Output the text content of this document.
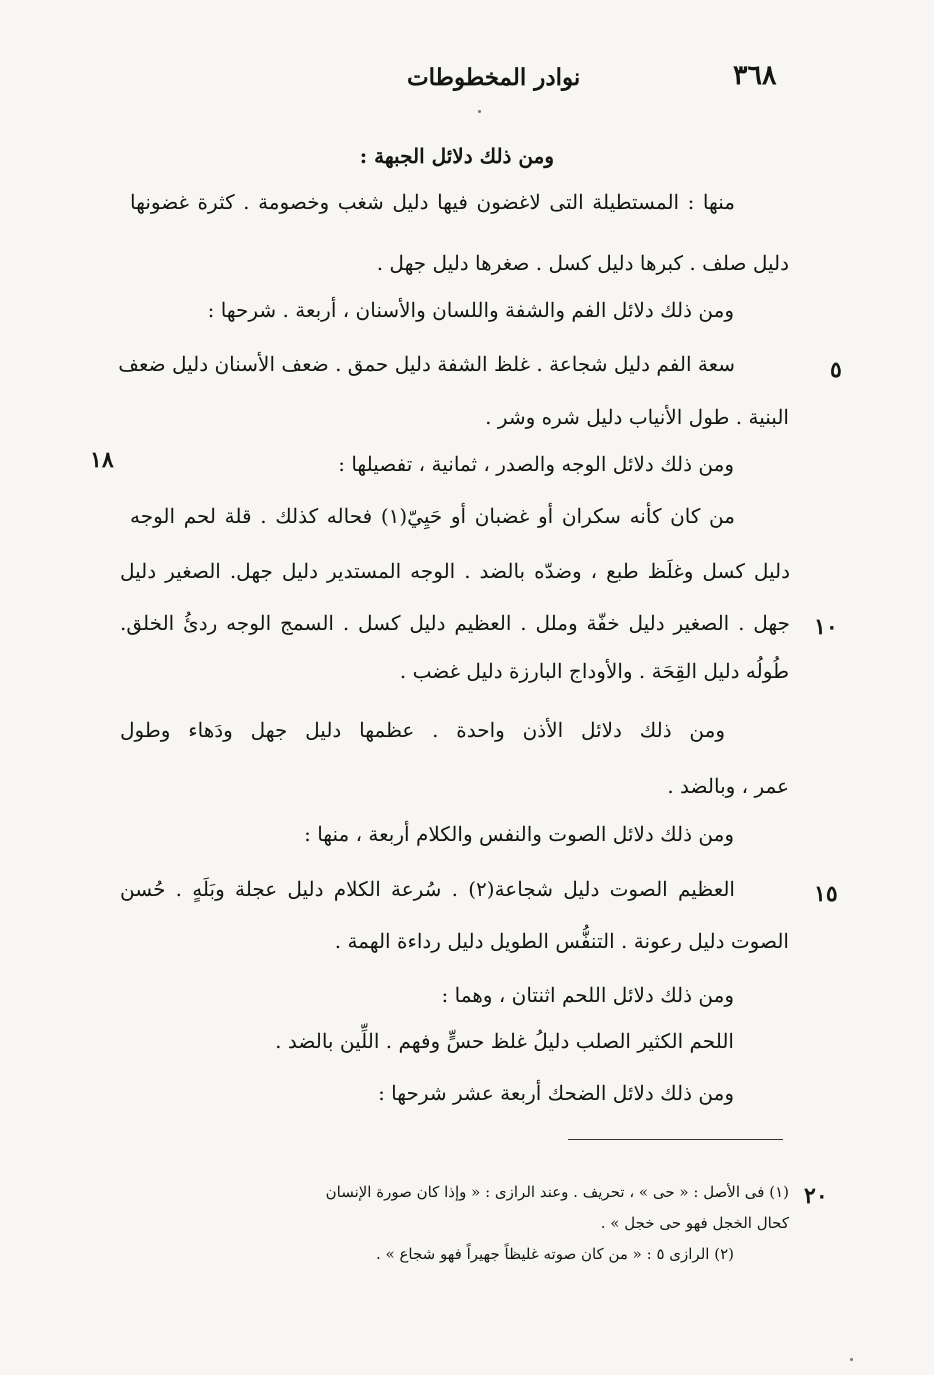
٣٦٨
نوادر المخطوطات
ومن ذلك دلائل الجبهة :
منها : المستطيلة التى لاغضون فيها دليل شغب وخصومة . كثرة غضونها
دليل صلف . كبرها دليل كسل . صغرها دليل جهل .
ومن ذلك دلائل الفم والشفة واللسان والأسنان ، أربعة . شرحها :
سعة الفم دليل شجاعة . غلظ الشفة دليل حمق . ضعف الأسنان دليل ضعف
البنية . طول الأنياب دليل شره وشر .
ومن ذلك دلائل الوجه والصدر ، ثمانية ، تفصيلها :
من كان كأنه سكران أو غضبان أو حَيِيّ(١) فحاله كذلك . قلة لحم الوجه
دليل كسل وغلَظ طبع ، وضدّه بالضد . الوجه المستدير دليل جهل. الصغير دليل
جهل . الصغير دليل خفّة وملل . العظيم دليل كسل . السمج الوجه ردئُ الخلق.
طُولُه دليل القِحَة . والأوداج البارزة دليل غضب .
ومن ذلك دلائل الأذن واحدة . عظمها دليل جهل ودَهاء وطول
عمر ، وبالضد .
ومن ذلك دلائل الصوت والنفس والكلام أربعة ، منها :
العظيم الصوت دليل شجاعة(٢) . سُرعة الكلام دليل عجلة وبَلَهٍ . حُسن
الصوت دليل رعونة . التنفُّس الطويل دليل رداءة الهمة .
ومن ذلك دلائل اللحم اثنتان ، وهما :
اللحم الكثير الصلب دليلُ غلظ حسٍّ وفهم . اللِّين بالضد .
ومن ذلك دلائل الضحك أربعة عشر شرحها :
٥
١٠
١٥
٢٠
١٨
(١) فى الأصل : « حى » ، تحريف . وعند الرازى : « وإذا كان صورة الإنسان
كحال الخجل فهو حى خجل » .
(٢) الرازى ٥ : « من كان صوته غليظاً جهيراً فهو شجاع » .
